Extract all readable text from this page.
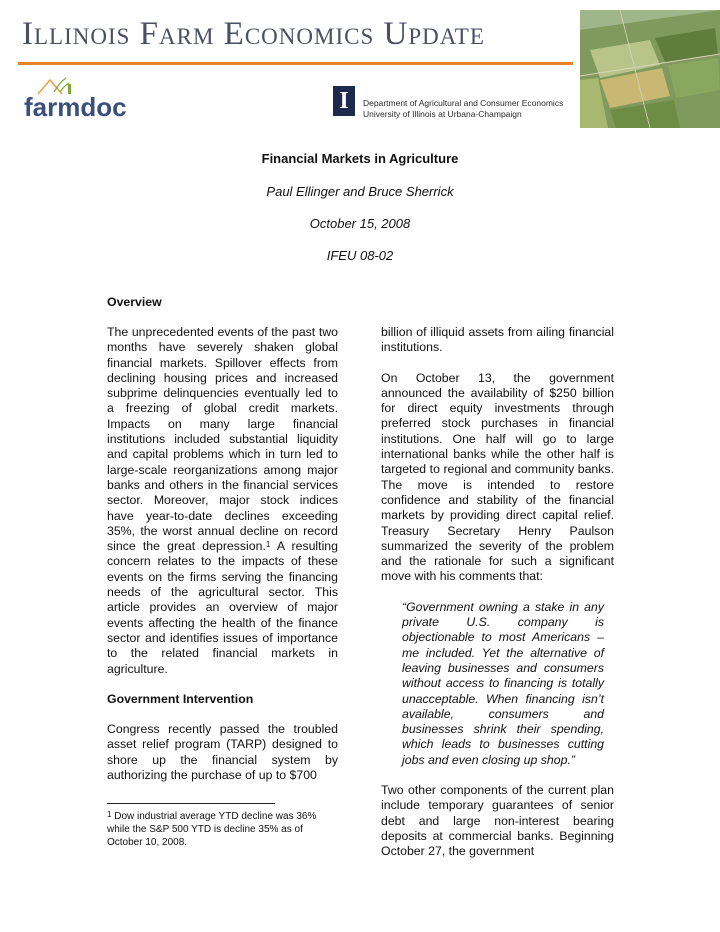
Illinois Farm Economics Update
farmdoc	I	Department of Agricultural and Consumer Economics
University of Illinois at Urbana-Champaign
Financial Markets in Agriculture
Paul Ellinger and Bruce Sherrick
October 15, 2008
IFEU 08-02
Overview

The unprecedented events of the past two months have severely shaken global financial markets. Spillover effects from declining housing prices and increased subprime delinquencies eventually led to a freezing of global credit markets. Impacts on many large financial institutions included substantial liquidity and capital problems which in turn led to large-scale reorganizations among major banks and others in the financial services sector. Moreover, major stock indices have year-to-date declines exceeding 35%, the worst annual decline on record since the great depression.$^1$ A resulting concern relates to the impacts of these events on the firms serving the financing needs of the agricultural sector. This article provides an overview of major events affecting the health of the finance sector and identifies issues of importance to the related financial markets in agriculture.

Government Intervention

Congress recently passed the troubled asset relief program (TARP) designed to shore up the financial system by authorizing the purchase of up to $700

billion of illiquid assets from ailing financial institutions.

On October 13, the government announced the availability of $250 billion for direct equity investments through preferred stock purchases in financial institutions. One half will go to large international banks while the other half is targeted to regional and community banks. The move is intended to restore confidence and stability of the financial markets by providing direct capital relief. Treasury Secretary Henry Paulson summarized the severity of the problem and the rationale for such a significant move with his comments that:

“Government owning a stake in any private U.S. company is objectionable to most Americans – me included. Yet the alternative of leaving businesses and consumers without access to financing is totally unacceptable. When financing isn’t available, consumers and businesses shrink their spending, which leads to businesses cutting jobs and even closing up shop.”

Two other components of the current plan include temporary guarantees of senior debt and large non-interest bearing deposits at commercial banks. Beginning October 27, the government

$^1$ Dow industrial average YTD decline was 36% while the S&P 500 YTD is decline 35% as of October 10, 2008.
